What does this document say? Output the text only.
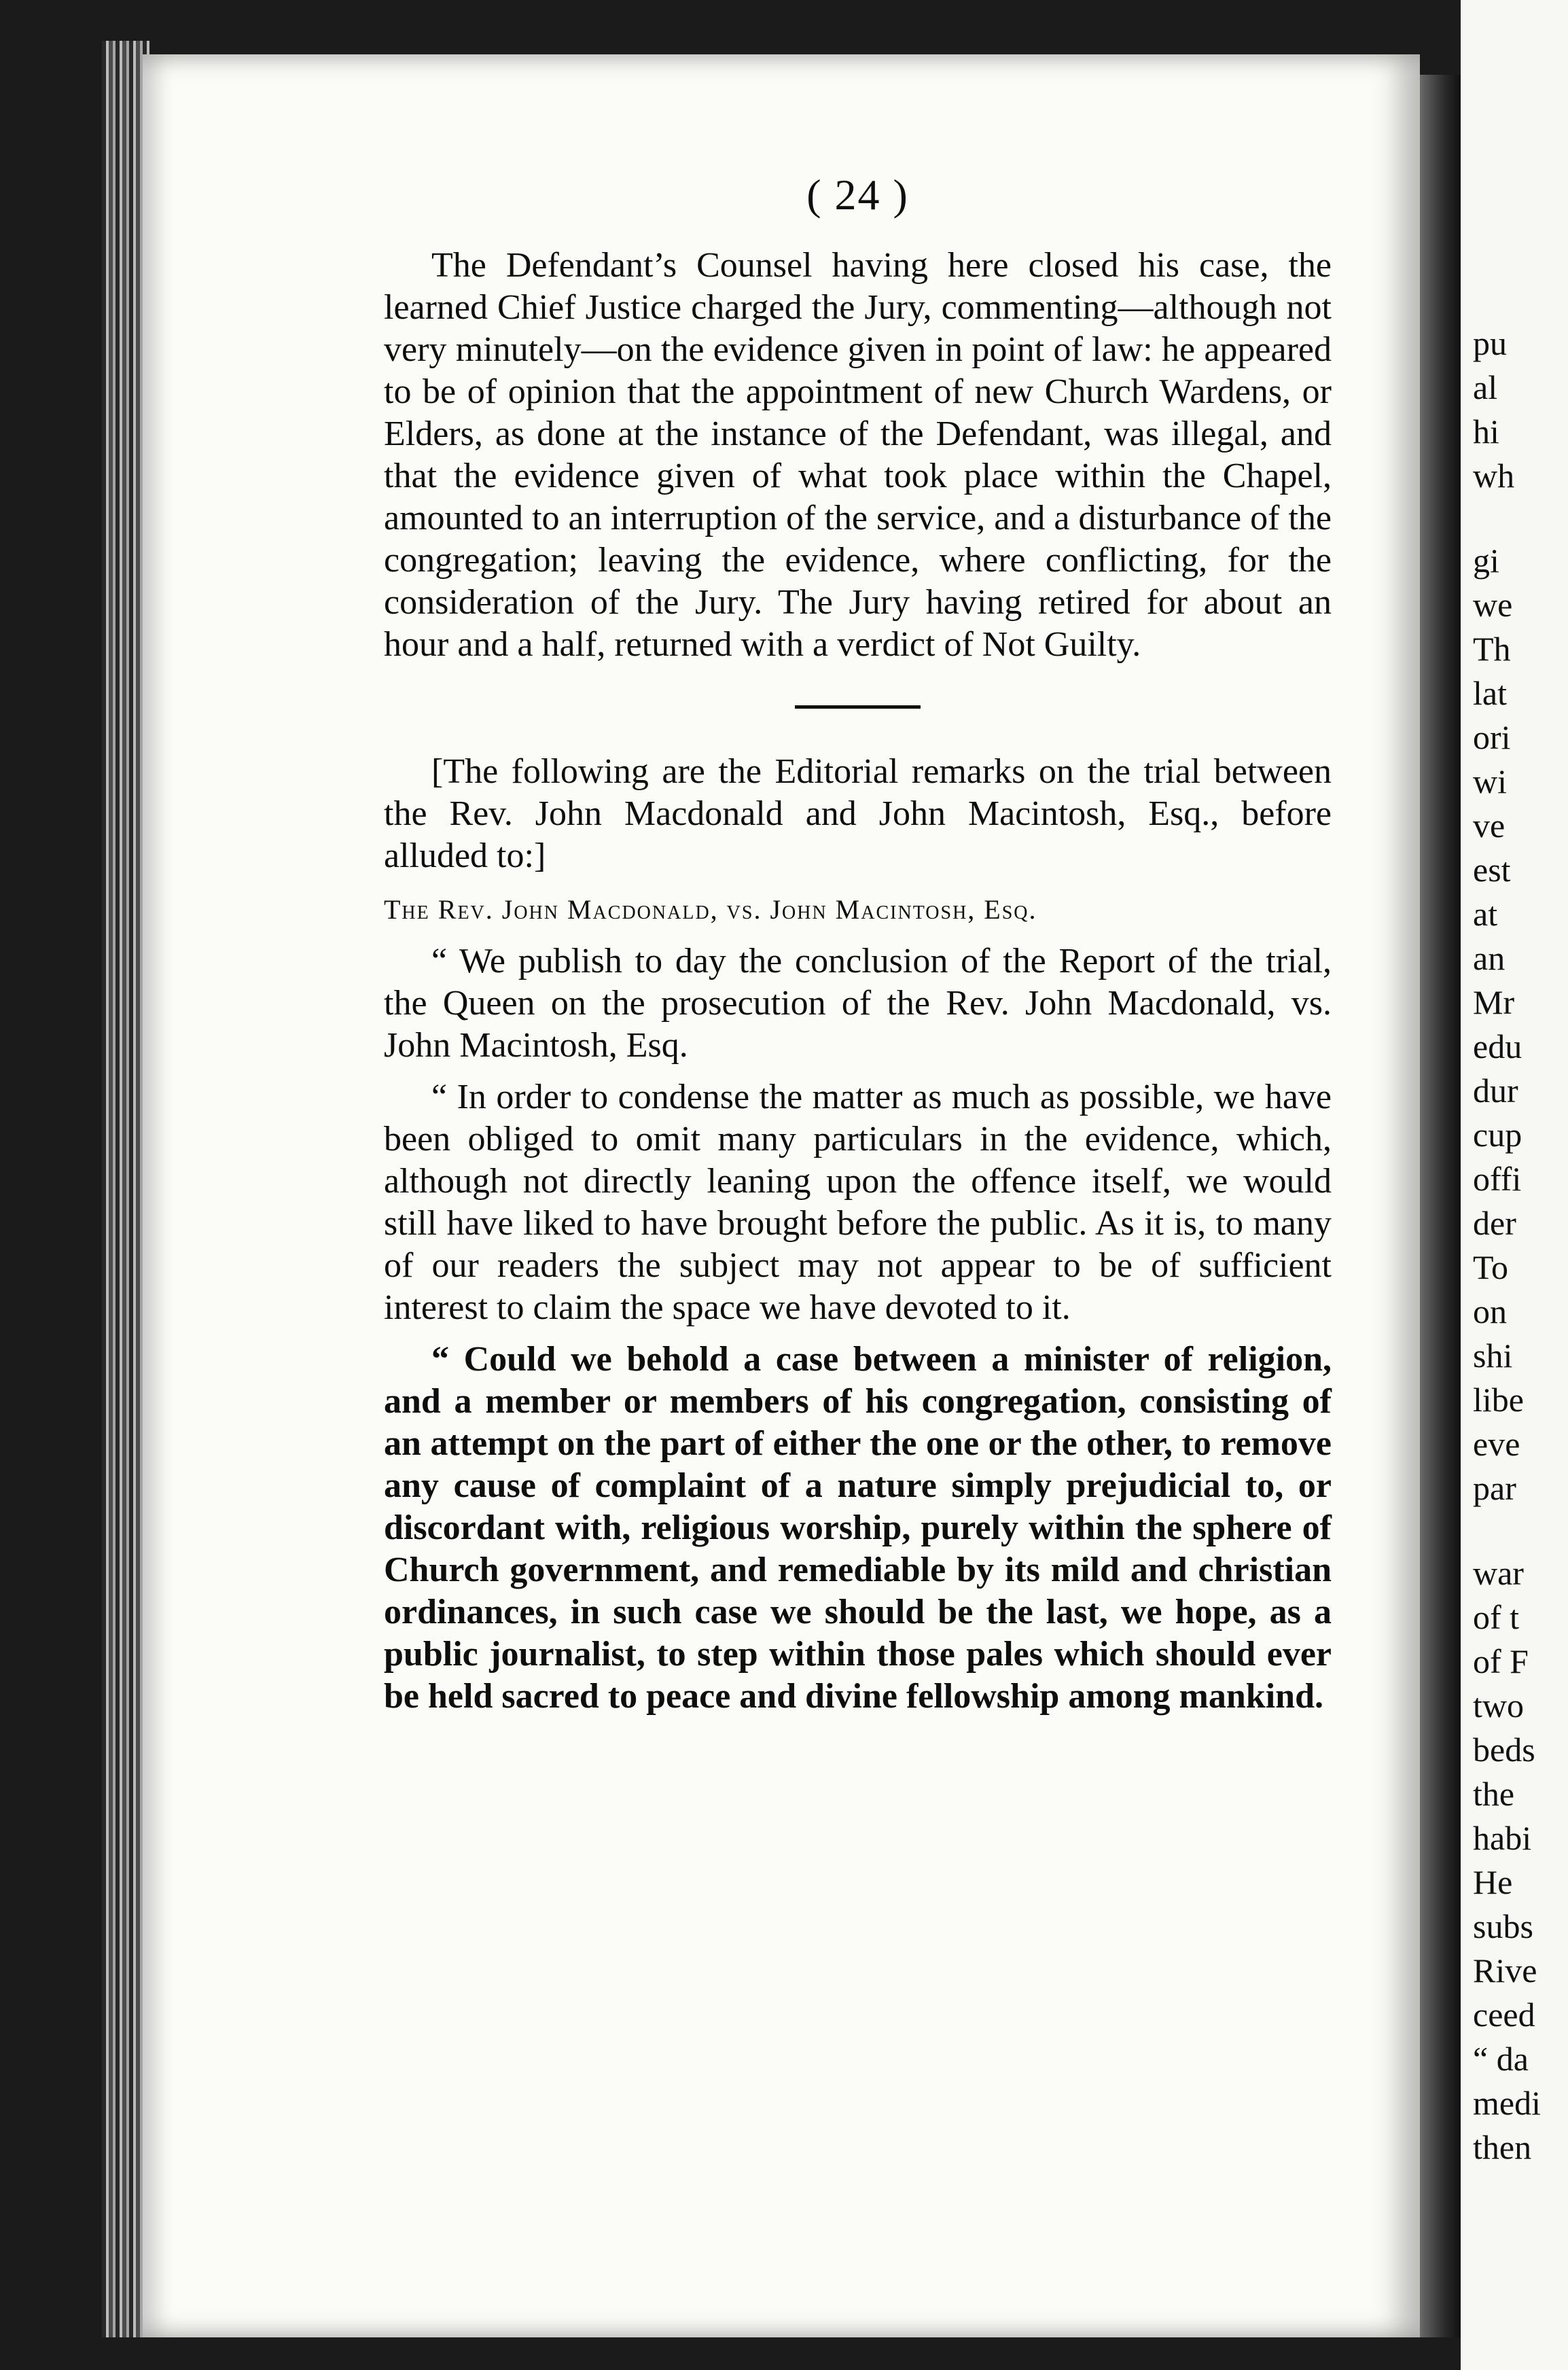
( 24 )

The Defendant’s Counsel having here closed his case, the learned Chief Justice charged the Jury, commenting—although not very minutely—on the evidence given in point of law: he appeared to be of opinion that the appointment of new Church Wardens, or Elders, as done at the instance of the Defendant, was illegal, and that the evidence given of what took place within the Chapel, amounted to an interruption of the service, and a disturbance of the congregation; leaving the evidence, where conflicting, for the consideration of the Jury. The Jury having retired for about an hour and a half, returned with a verdict of Not Guilty.

[The following are the Editorial remarks on the trial between the Rev. John Macdonald and John Macintosh, Esq., before alluded to:]

The Rev. John Macdonald, vs. John Macintosh, Esq.

“ We publish to day the conclusion of the Report of the trial, the Queen on the prosecution of the Rev. John Macdonald, vs. John Macintosh, Esq.

“ In order to condense the matter as much as possible, we have been obliged to omit many particulars in the evidence, which, although not directly leaning upon the offence itself, we would still have liked to have brought before the public. As it is, to many of our readers the subject may not appear to be of sufficient interest to claim the space we have devoted to it.

“ Could we behold a case between a minister of religion, and a member or members of his congregation, consisting of an attempt on the part of either the one or the other, to remove any cause of complaint of a nature simply prejudicial to, or discordant with, religious worship, purely within the sphere of Church government, and remediable by its mild and christian ordinances, in such case we should be the last, we hope, as a public journalist, to step within those pales which should ever be held sacred to peace and divine fellowship among mankind.

pu
al
hi
wh
gi
we
Th
lat
ori
wi
ve
est
at
an
Mr
edu
dur
cup
offi
der
To
on
shi
libe
eve
par
war
of t
of F
two
beds
the
habi
He
subs
Rive
ceed
“ da
medi
then
